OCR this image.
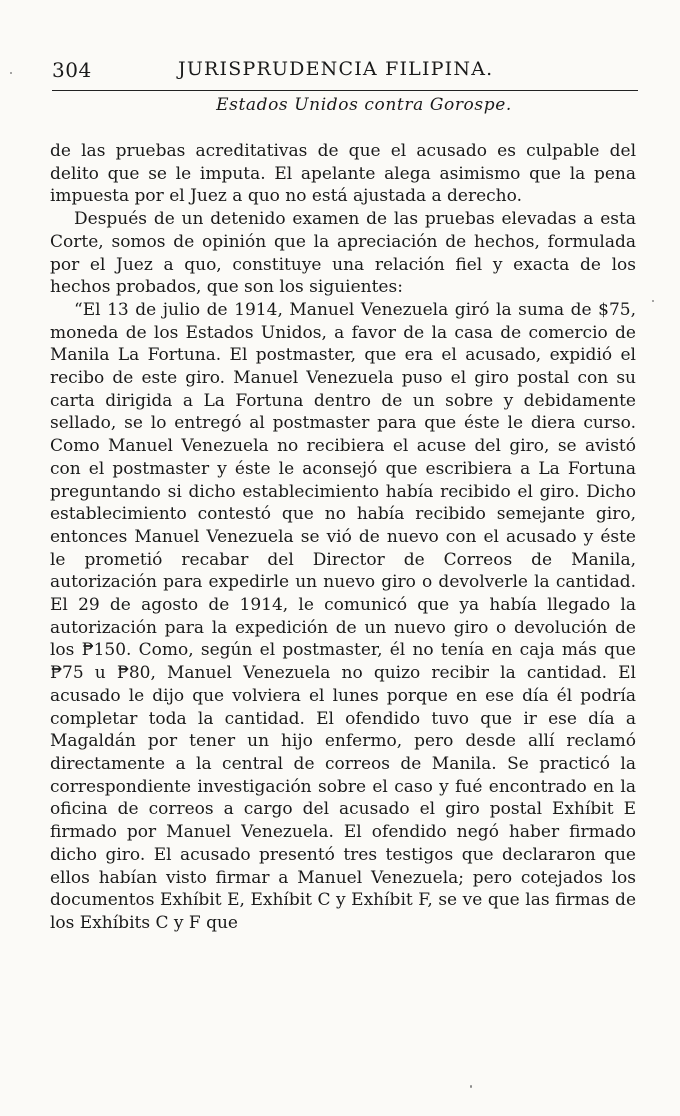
304	JURISPRUDENCIA FILIPINA.
Estados Unidos contra Gorospe.

de las pruebas acreditativas de que el acusado es culpable del delito que se le imputa. El apelante alega asimismo que la pena impuesta por el Juez a quo no está ajustada a derecho.

Después de un detenido examen de las pruebas elevadas a esta Corte, somos de opinión que la apreciación de hechos, formulada por el Juez a quo, constituye una relación fiel y exacta de los hechos probados, que son los siguientes:

“El 13 de julio de 1914, Manuel Venezuela giró la suma de $75, moneda de los Estados Unidos, a favor de la casa de comercio de Manila La Fortuna. El postmaster, que era el acusado, expidió el recibo de este giro. Manuel Venezuela puso el giro postal con su carta dirigida a La Fortuna dentro de un sobre y debidamente sellado, se lo entregó al postmaster para que éste le diera curso. Como Manuel Venezuela no recibiera el acuse del giro, se avistó con el postmaster y éste le aconsejó que escribiera a La Fortuna preguntando si dicho establecimiento había recibido el giro. Dicho establecimiento contestó que no había recibido semejante giro, entonces Manuel Venezuela se vió de nuevo con el acusado y éste le prometió recabar del Director de Correos de Manila, autorización para expedirle un nuevo giro o devolverle la cantidad. El 29 de agosto de 1914, le comunicó que ya había llegado la autorización para la expedición de un nuevo giro o devolución de los ₱150. Como, según el postmaster, él no tenía en caja más que ₱75 u ₱80, Manuel Venezuela no quizo recibir la cantidad. El acusado le dijo que volviera el lunes porque en ese día él podría completar toda la cantidad. El ofendido tuvo que ir ese día a Magaldán por tener un hijo enfermo, pero desde allí reclamó directamente a la central de correos de Manila. Se practicó la correspondiente investigación sobre el caso y fué encontrado en la oficina de correos a cargo del acusado el giro postal Exhíbit E firmado por Manuel Venezuela. El ofendido negó haber firmado dicho giro. El acusado presentó tres testigos que declararon que ellos habían visto firmar a Manuel Venezuela; pero cotejados los documentos Exhíbit E, Exhíbit C y Exhíbit F, se ve que las firmas de los Exhíbits C y F que
